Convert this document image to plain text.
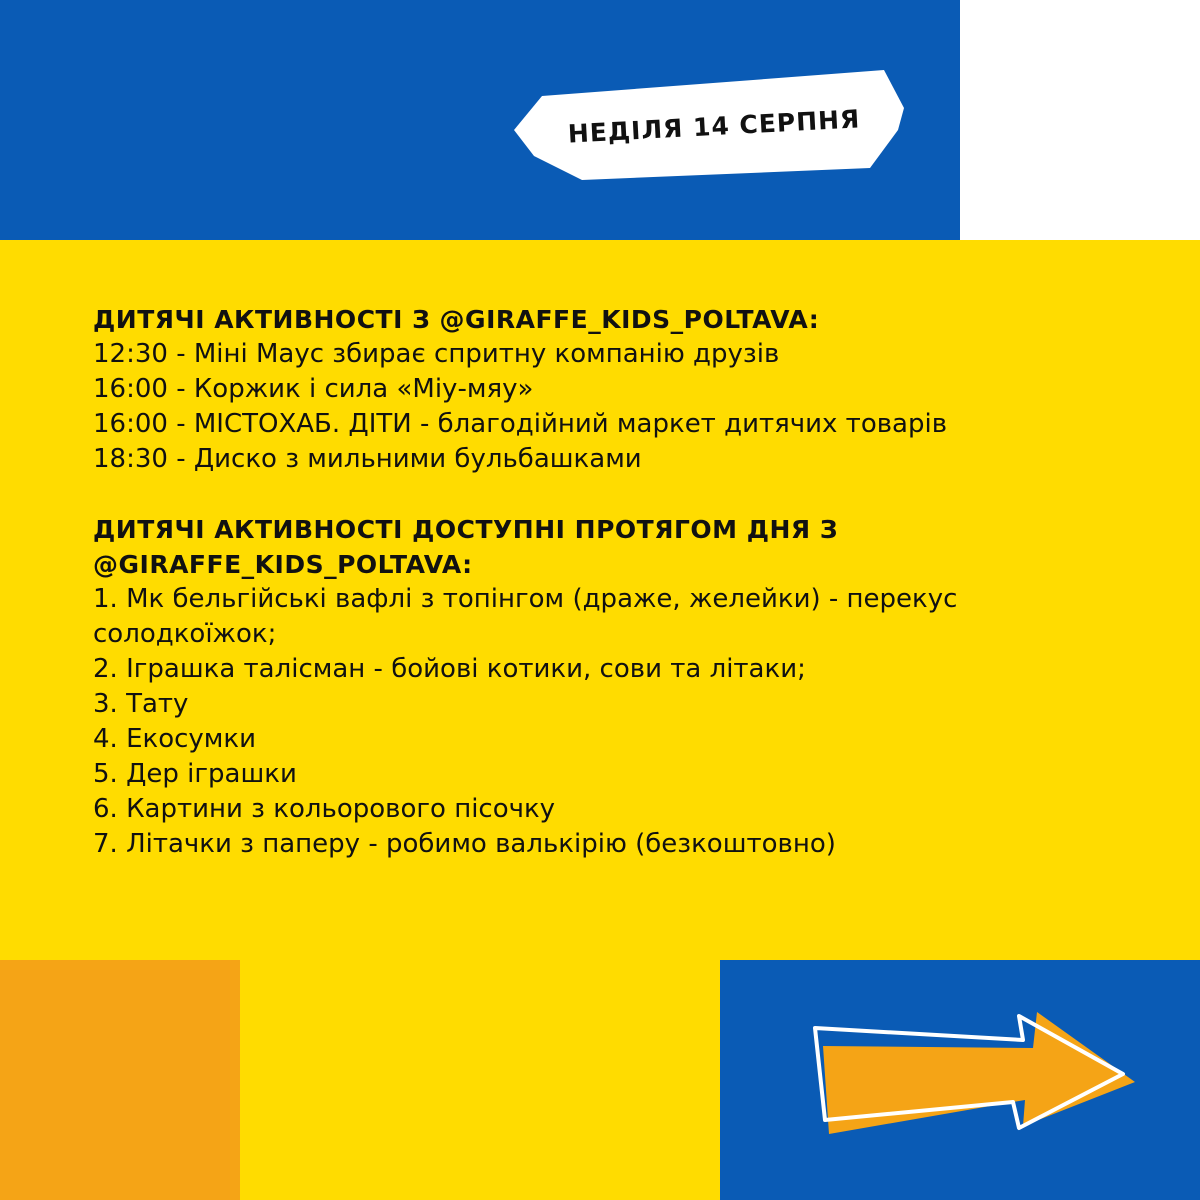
НЕДІЛЯ 14 СЕРПНЯ

ДИТЯЧІ АКТИВНОСТІ З @GIRAFFE_KIDS_POLTAVA:

12:30 - Міні Маус збирає спритну компанію друзів

16:00 - Коржик і сила «Міу-мяу»

16:00 - МІСТОХАБ. ДІТИ - благодійний маркет дитячих товарів

18:30 - Диско з мильними бульбашками

ДИТЯЧІ АКТИВНОСТІ ДОСТУПНІ ПРОТЯГОМ ДНЯ З

@GIRAFFE_KIDS_POLTAVA:

1. Мк бельгійські вафлі з топінгом (драже, желейки) - перекус

солодкоїжок;

2. Іграшка талісман - бойові котики, сови та літаки;

3. Тату

4. Екосумки

5. Дер іграшки

6. Картини з кольорового пісочку

7. Літачки з паперу - робимо валькірію (безкоштовно)
